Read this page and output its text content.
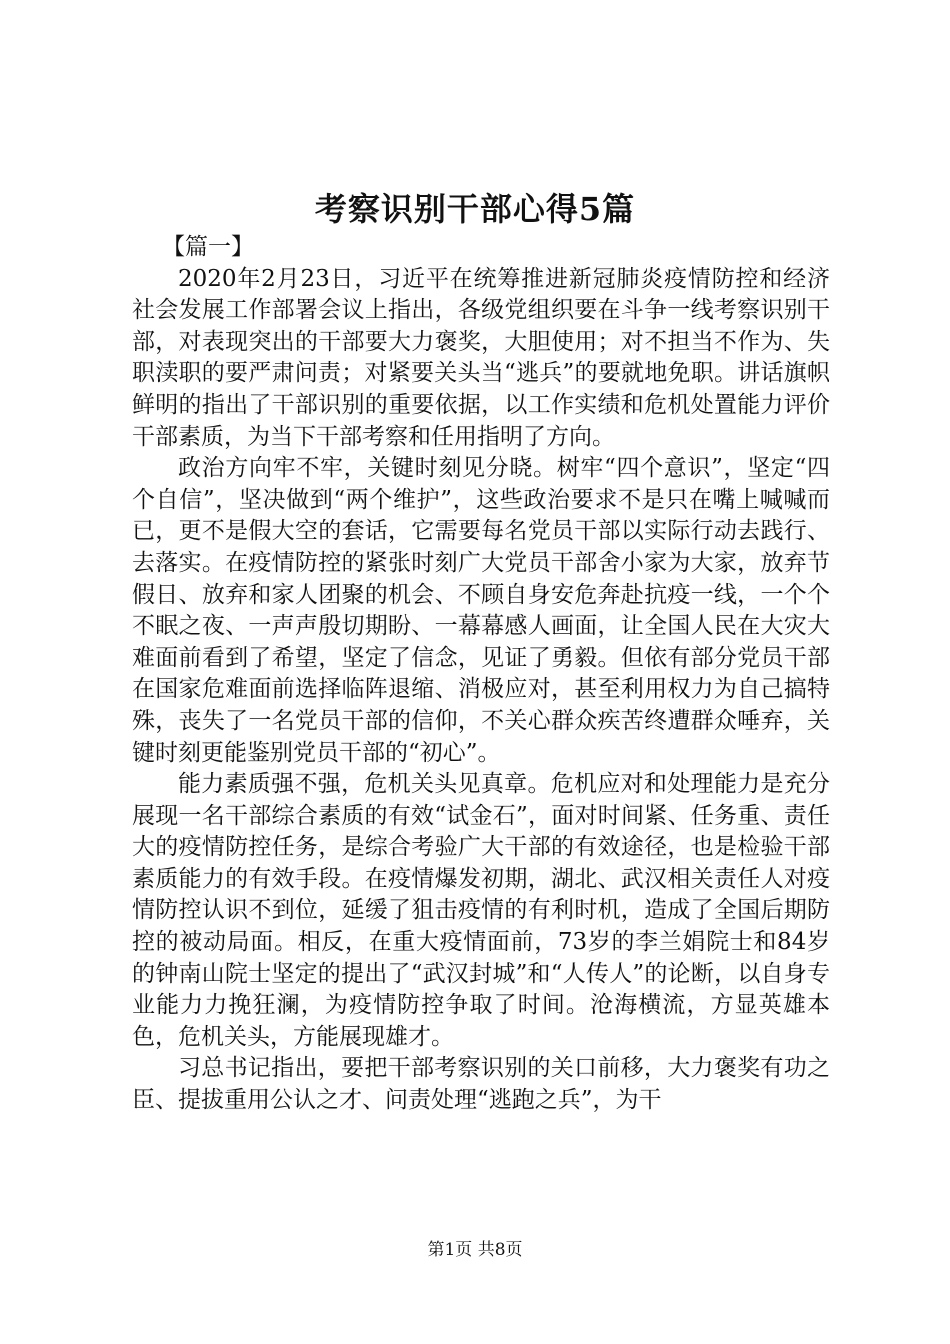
考察识别干部心得5篇

【篇一】

2020年2月23日，习近平在统筹推进新冠肺炎疫情防控和经济社会发展工作部署会议上指出，各级党组织要在斗争一线考察识别干部，对表现突出的干部要大力褒奖，大胆使用；对不担当不作为、失职渎职的要严肃问责；对紧要关头当“逃兵”的要就地免职。讲话旗帜鲜明的指出了干部识别的重要依据，以工作实绩和危机处置能力评价干部素质，为当下干部考察和任用指明了方向。

政治方向牢不牢，关键时刻见分晓。树牢“四个意识”，坚定“四个自信”，坚决做到“两个维护”，这些政治要求不是只在嘴上喊喊而已，更不是假大空的套话，它需要每名党员干部以实际行动去践行、去落实。在疫情防控的紧张时刻广大党员干部舍小家为大家，放弃节假日、放弃和家人团聚的机会、不顾自身安危奔赴抗疫一线，一个个不眠之夜、一声声殷切期盼、一幕幕感人画面，让全国人民在大灾大难面前看到了希望，坚定了信念，见证了勇毅。但依有部分党员干部在国家危难面前选择临阵退缩、消极应对，甚至利用权力为自己搞特殊，丧失了一名党员干部的信仰，不关心群众疾苦终遭群众唾弃，关键时刻更能鉴别党员干部的“初心”。

能力素质强不强，危机关头见真章。危机应对和处理能力是充分展现一名干部综合素质的有效“试金石”，面对时间紧、任务重、责任大的疫情防控任务，是综合考验广大干部的有效途径，也是检验干部素质能力的有效手段。在疫情爆发初期，湖北、武汉相关责任人对疫情防控认识不到位，延缓了狙击疫情的有利时机，造成了全国后期防控的被动局面。相反，在重大疫情面前，73岁的李兰娟院士和84岁的钟南山院士坚定的提出了“武汉封城”和“人传人”的论断，以自身专业能力力挽狂澜，为疫情防控争取了时间。沧海横流，方显英雄本色，危机关头，方能展现雄才。

习总书记指出，要把干部考察识别的关口前移，大力褒奖有功之臣、提拔重用公认之才、问责处理“逃跑之兵”，为干

第1页 共8页
